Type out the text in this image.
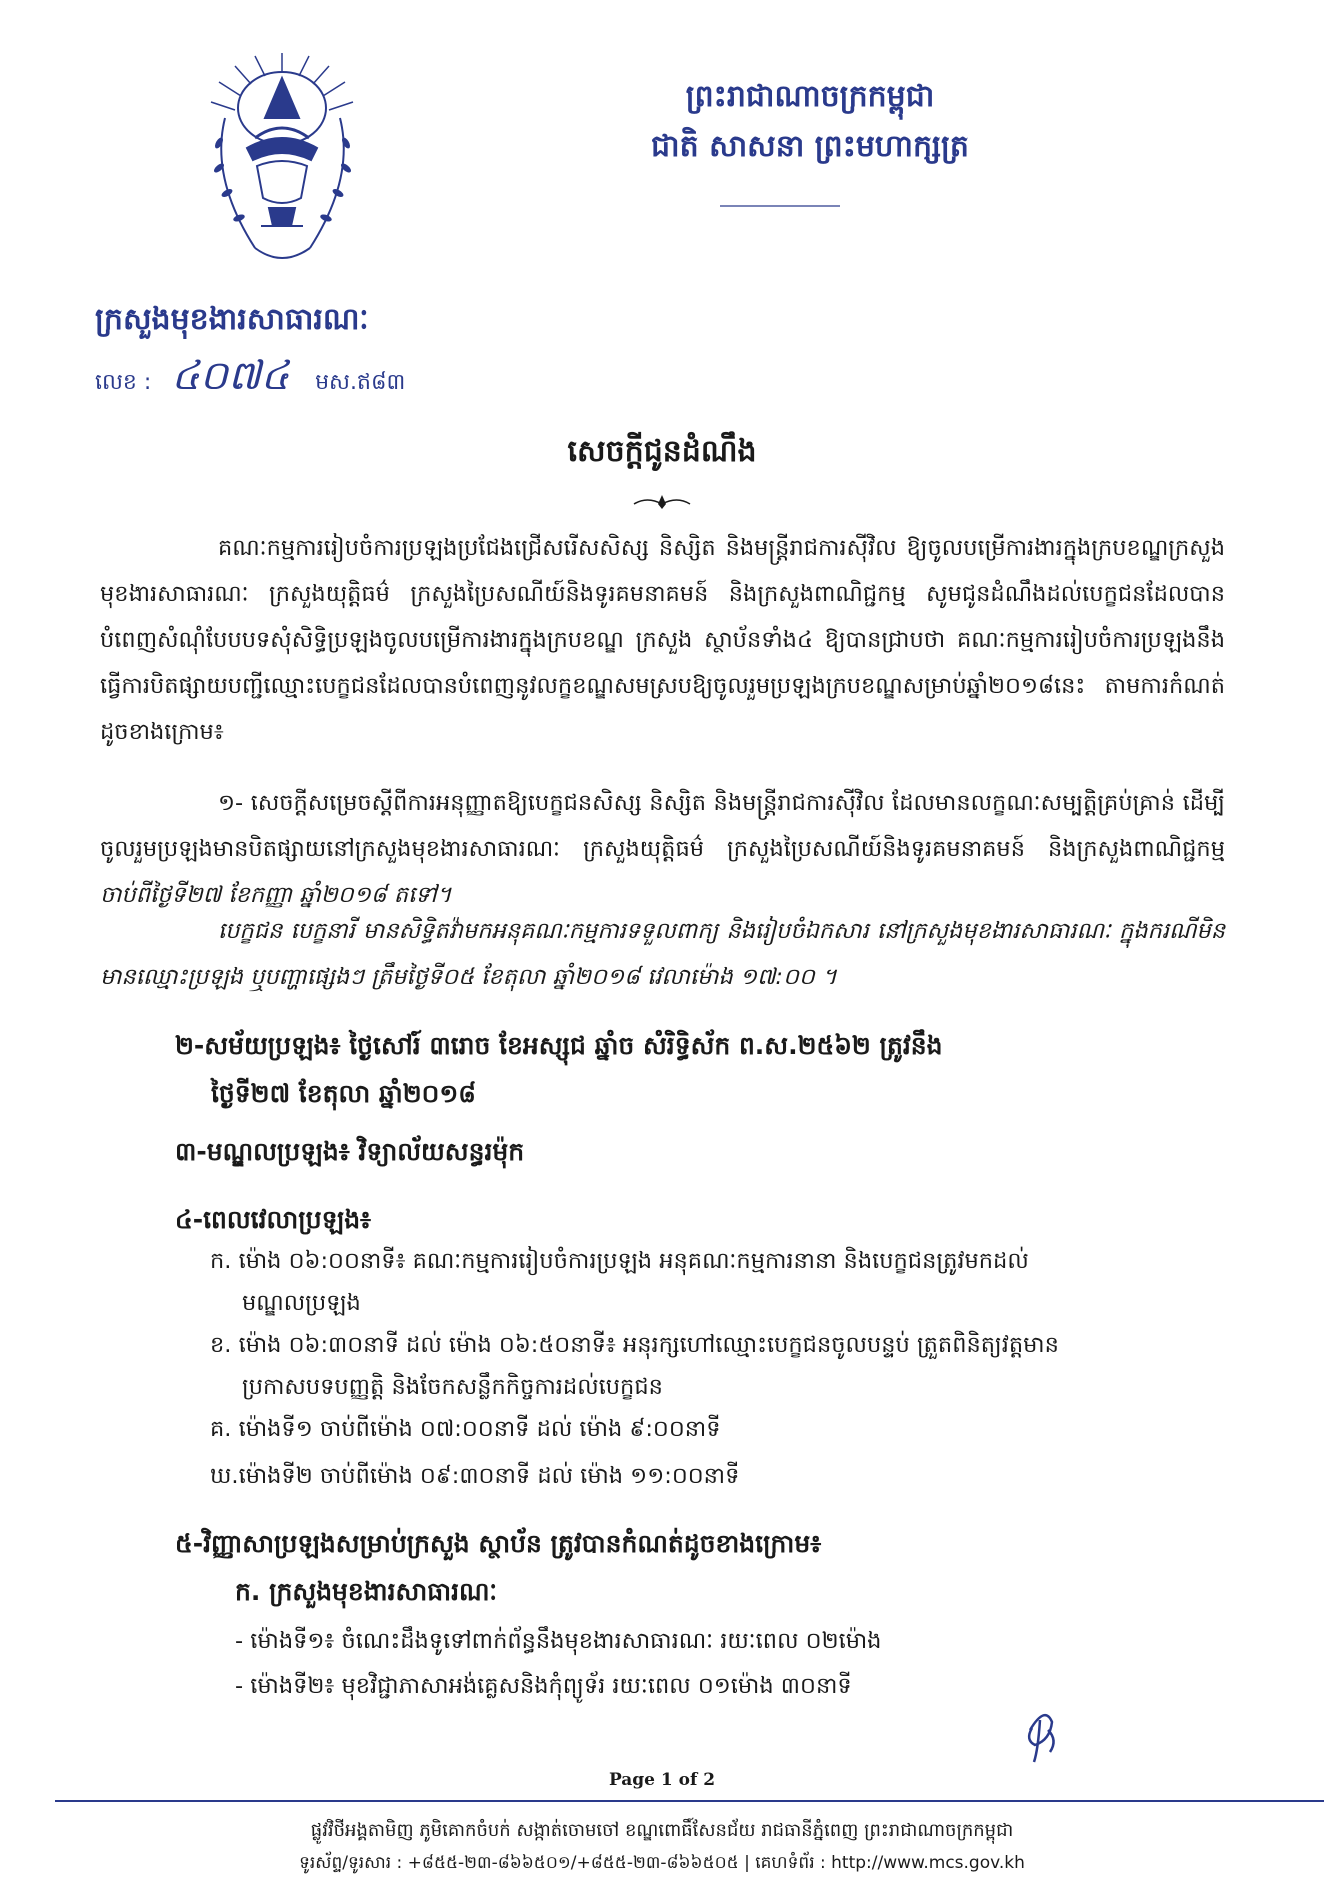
ព្រះរាជាណាចក្រកម្ពុជា
ជាតិ សាសនា ព្រះមហាក្សត្រ
ក្រសួងមុខងារសាធារណៈ
លេខ : ៤០៧៤ មស.ឥ៨៣
សេចក្តីជូនដំណឹង
គណៈកម្មការរៀបចំការប្រឡងប្រជែងជ្រើសរើសសិស្ស និស្សិត និងមន្ត្រីរាជការស៊ីវិល ឱ្យចូលបម្រើការងារក្នុងក្របខណ្ឌក្រសួងមុខងារសាធារណៈ ក្រសួងយុត្តិធម៌ ក្រសួងប្រៃសណីយ៍និងទូរគមនាគមន៍ និងក្រសួងពាណិជ្ជកម្ម សូមជូនដំណឹងដល់បេក្ខជនដែលបានបំពេញសំណុំបែបបទសុំសិទ្ធិប្រឡងចូលបម្រើការងារក្នុងក្របខណ្ឌ ក្រសួង ស្ថាប័នទាំង៤ ឱ្យបានជ្រាបថា គណៈកម្មការរៀបចំការប្រឡងនឹងធ្វើការបិតផ្សាយបញ្ជីឈ្មោះបេក្ខជនដែលបានបំពេញនូវលក្ខខណ្ឌសមស្របឱ្យចូលរួមប្រឡងក្របខណ្ឌសម្រាប់ឆ្នាំ២០១៨នេះ តាមការកំណត់ដូចខាងក្រោម៖
១- សេចក្តីសម្រេចស្តីពីការអនុញ្ញាតឱ្យបេក្ខជនសិស្ស និស្សិត និងមន្ត្រីរាជការស៊ីវិល ដែលមានលក្ខណៈសម្បត្តិគ្រប់គ្រាន់ ដើម្បីចូលរួមប្រឡងមានបិតផ្សាយនៅក្រសួងមុខងារសាធារណៈ ក្រសួងយុត្តិធម៌ ក្រសួងប្រៃសណីយ៍និងទូរគមនាគមន៍ និងក្រសួងពាណិជ្ជកម្ម ចាប់ពីថ្ងៃទី២៧ ខែកញ្ញា ឆ្នាំ២០១៨ តទៅ។
បេក្ខជន បេក្ខនារី មានសិទ្ធិតវ៉ាមកអនុគណៈកម្មការទទួលពាក្យ និងរៀបចំឯកសារ នៅក្រសួងមុខងារសាធារណៈ ក្នុងករណីមិនមានឈ្មោះប្រឡង ឬបញ្ហាផ្សេងៗ ត្រឹមថ្ងៃទី០៥ ខែតុលា ឆ្នាំ២០១៨ វេលាម៉ោង ១៧:០០ ។
២-សម័យប្រឡង៖ ថ្ងៃសៅរ៍ ៣រោច ខែអស្សុជ ឆ្នាំច សំរិទ្ធិស័ក ព.ស.២៥៦២ ត្រូវនឹង
ថ្ងៃទី២៧ ខែតុលា ឆ្នាំ២០១៨
៣-មណ្ឌលប្រឡង៖ វិទ្យាល័យសន្ធរម៉ុក
៤-ពេលវេលាប្រឡង៖
ក. ម៉ោង ០៦:០០នាទី៖ គណៈកម្មការរៀបចំការប្រឡង អនុគណៈកម្មការនានា និងបេក្ខជនត្រូវមកដល់
មណ្ឌលប្រឡង
ខ. ម៉ោង ០៦:៣០នាទី ដល់ ម៉ោង ០៦:៥០នាទី៖ អនុរក្សហៅឈ្មោះបេក្ខជនចូលបន្ទប់ ត្រួតពិនិត្យវត្តមាន
ប្រកាសបទបញ្ញត្តិ និងចែកសន្លឹកកិច្ចការដល់បេក្ខជន
គ. ម៉ោងទី១ ចាប់ពីម៉ោង ០៧:០០នាទី ដល់ ម៉ោង ៩:០០នាទី
ឃ.ម៉ោងទី២ ចាប់ពីម៉ោង ០៩:៣០នាទី ដល់ ម៉ោង ១១:០០នាទី
៥-វិញ្ញាសាប្រឡងសម្រាប់ក្រសួង ស្ថាប័ន ត្រូវបានកំណត់ដូចខាងក្រោម៖
ក. ក្រសួងមុខងារសាធារណៈ
- ម៉ោងទី១៖ ចំណេះដឹងទូទៅពាក់ព័ន្ធនឹងមុខងារសាធារណៈ រយៈពេល ០២ម៉ោង
- ម៉ោងទី២៖ មុខវិជ្ជាភាសាអង់គ្លេសនិងកុំព្យូទ័រ រយៈពេល ០១ម៉ោង ៣០នាទី
Page 1 of 2
ផ្លូវវិថីអង្គតាមិញ ភូមិគោកចំបក់ សង្កាត់ចោមចៅ ខណ្ឌពោធិ៍សែនជ័យ រាជធានីភ្នំពេញ ព្រះរាជាណាចក្រកម្ពុជា
ទូរស័ព្ទ/ទូរសារ : +៨៥៥-២៣-៨៦៦៥០១/+៨៥៥-២៣-៨៦៦៥០៥ | គេហទំព័រ : http://www.mcs.gov.kh
